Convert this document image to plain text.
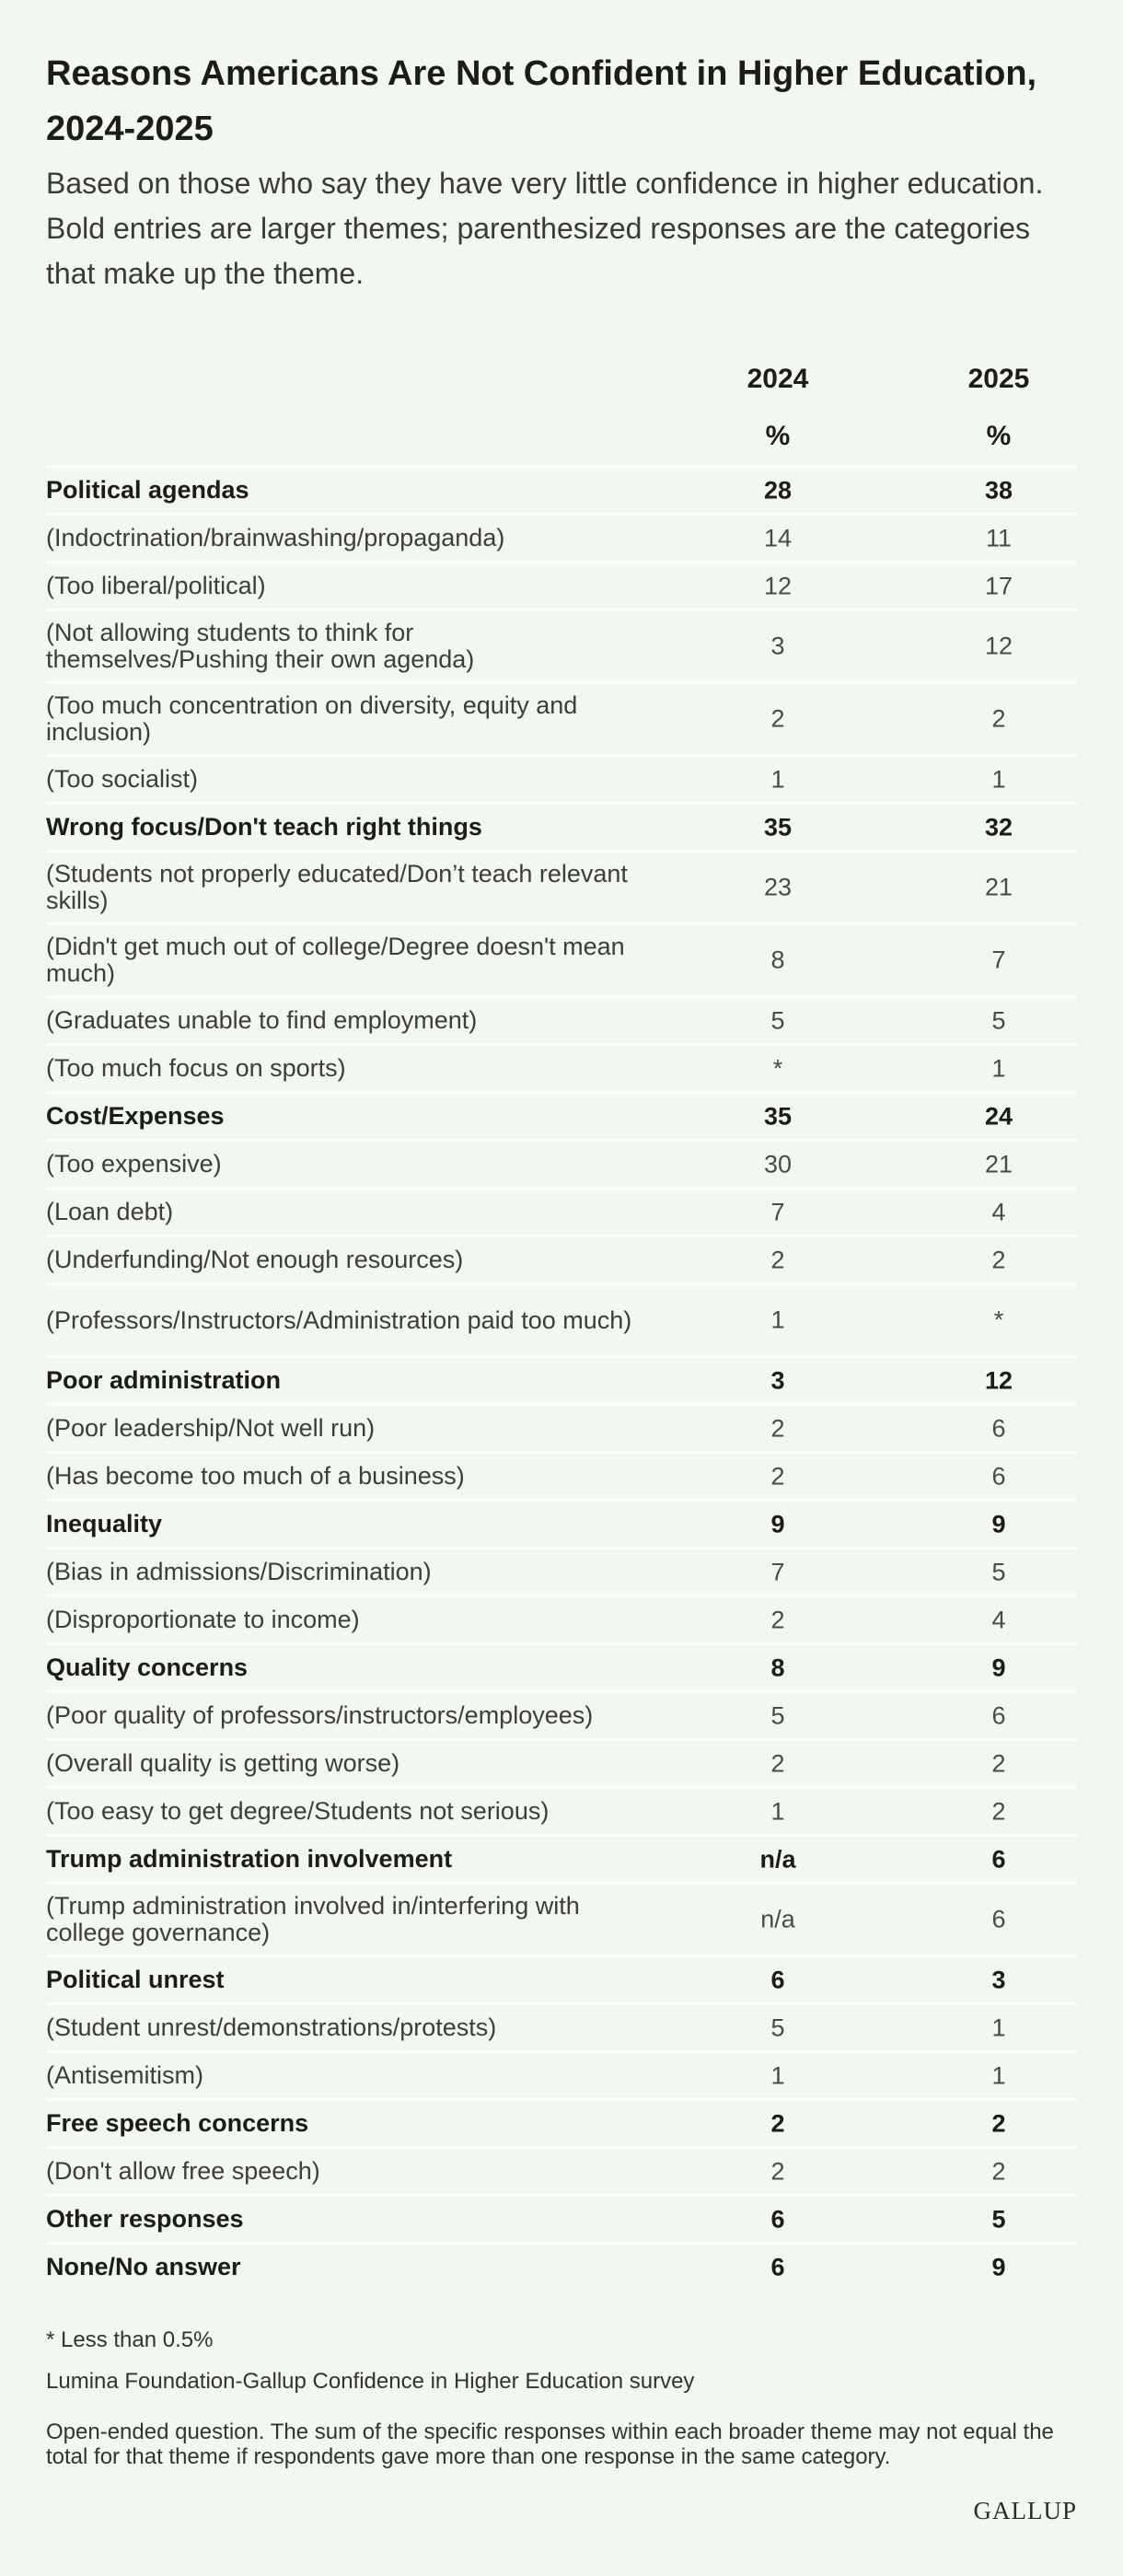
Reasons Americans Are Not Confident in Higher Education, 2024-2025

Based on those who say they have very little confidence in higher education. Bold entries are larger themes; parenthesized responses are the categories that make up the theme.

2024	2025
%	%
Political agendas	28	38
(Indoctrination/brainwashing/propaganda)	14	11
(Too liberal/political)	12	17
(Not allowing students to think for themselves/Pushing their own agenda)	3	12
(Too much concentration on diversity, equity and inclusion)	2	2
(Too socialist)	1	1
Wrong focus/Don't teach right things	35	32
(Students not properly educated/Don’t teach relevant skills)	23	21
(Didn't get much out of college/Degree doesn't mean much)	8	7
(Graduates unable to find employment)	5	5
(Too much focus on sports)	*	1
Cost/Expenses	35	24
(Too expensive)	30	21
(Loan debt)	7	4
(Underfunding/Not enough resources)	2	2
(Professors/Instructors/Administration paid too much)	1	*
Poor administration	3	12
(Poor leadership/Not well run)	2	6
(Has become too much of a business)	2	6
Inequality	9	9
(Bias in admissions/Discrimination)	7	5
(Disproportionate to income)	2	4
Quality concerns	8	9
(Poor quality of professors/instructors/employees)	5	6
(Overall quality is getting worse)	2	2
(Too easy to get degree/Students not serious)	1	2
Trump administration involvement	n/a	6
(Trump administration involved in/interfering with college governance)	n/a	6
Political unrest	6	3
(Student unrest/demonstrations/protests)	5	1
(Antisemitism)	1	1
Free speech concerns	2	2
(Don't allow free speech)	2	2
Other responses	6	5
None/No answer	6	9

* Less than 0.5%

Lumina Foundation-Gallup Confidence in Higher Education survey

Open-ended question. The sum of the specific responses within each broader theme may not equal the total for that theme if respondents gave more than one response in the same category.

GALLUP
